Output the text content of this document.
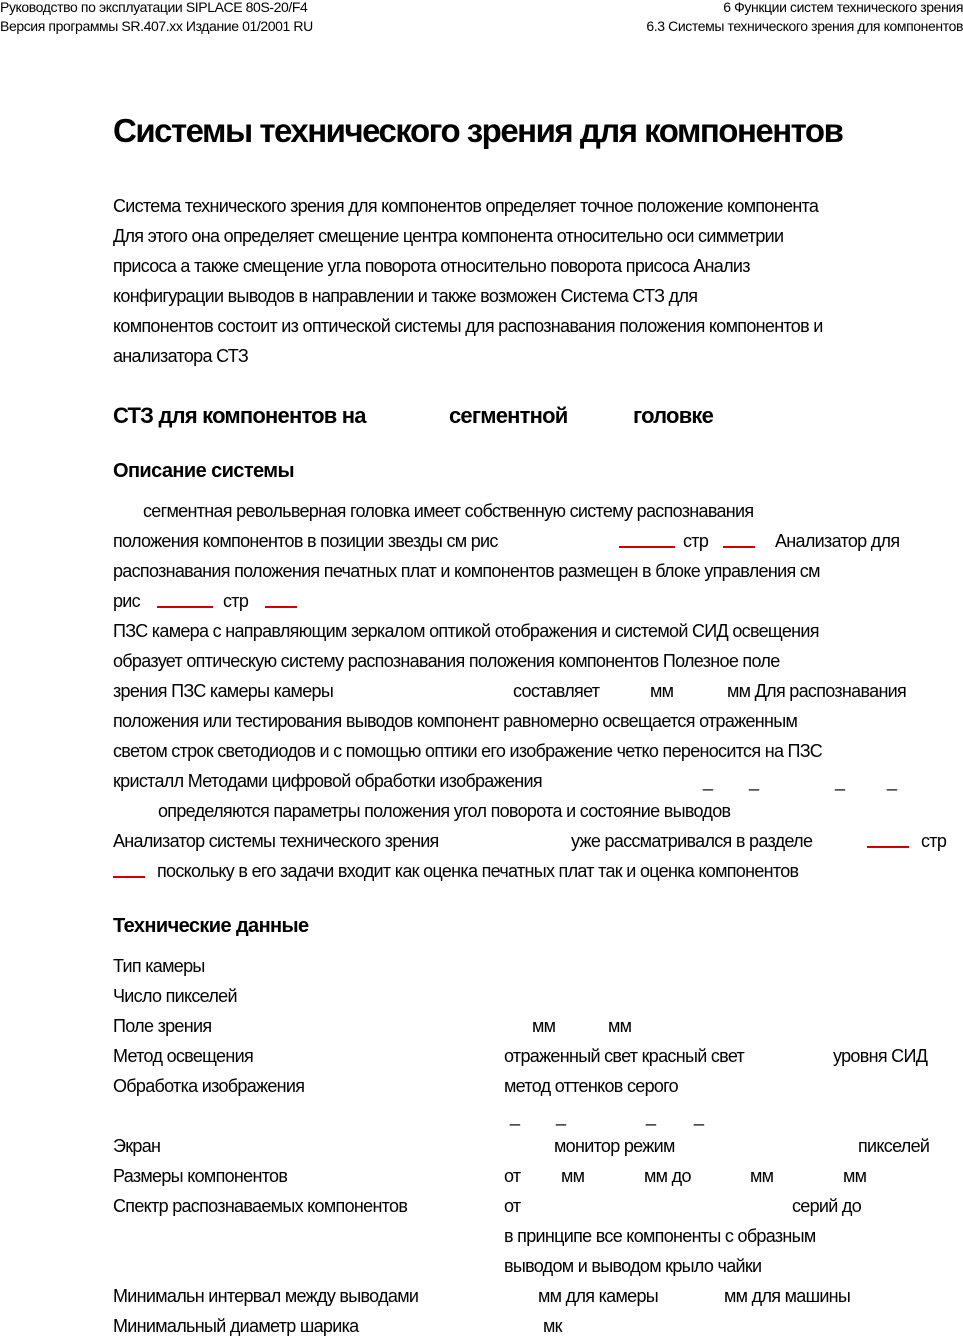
Руководство по эксплуатации SIPLACE 80S-20/F4
Версия программы SR.407.xx Издание 01/2001 RU
6 Функции систем технического зрения
6.3 Системы технического зрения для компонентов
Системы технического зрения для компонентов
Система технического зрения для компонентов определяет точное положение компонента
Для этого она определяет смещение центра компонента относительно оси симметрии
присоса а также смещение угла поворота относительно поворота присоса Анализ
конфигурации выводов в направлении и также возможен Система СТЗ для
компонентов состоит из оптической системы для распознавания положения компонентов и
анализатора СТЗ
СТЗ для компонентов на	сегментной	головке
Описание системы
сегментная револьверная головка имеет собственную систему распознавания
положения компонентов в позиции звезды см рис	стр	Анализатор для
распознавания положения печатных плат и компонентов размещен в блоке управления см
рис	стр
ПЗС камера с направляющим зеркалом оптикой отображения и системой СИД освещения
образует оптическую систему распознавания положения компонентов Полезное поле
зрения ПЗС камеры камеры	составляет	мм	мм Для распознавания
положения или тестирования выводов компонент равномерно освещается отраженным
светом строк светодиодов и с помощью оптики его изображение четко переносится на ПЗС
кристалл Методами цифровой обработки изображения	_ _	_ _
определяются параметры положения угол поворота и состояние выводов
Анализатор системы технического зрения	уже рассматривался в разделе	стр
поскольку в его задачи входит как оценка печатных плат так и оценка компонентов
Технические данные
Тип камеры
Число пикселей
Поле зрения	мм	мм
Метод освещения	отраженный свет красный свет	уровня СИД
Обработка изображения	метод оттенков серого
_ _	_ _
Экран	монитор режим	пикселей
Размеры компонентов	от мм	мм до	мм	мм
Спектр распознаваемых компонентов	от	серий до
в принципе все компоненты с образным
выводом и выводом крыло чайки
Минимальн интервал между выводами	мм для камеры	мм для машины
Минимальный диаметр шарика	мк
